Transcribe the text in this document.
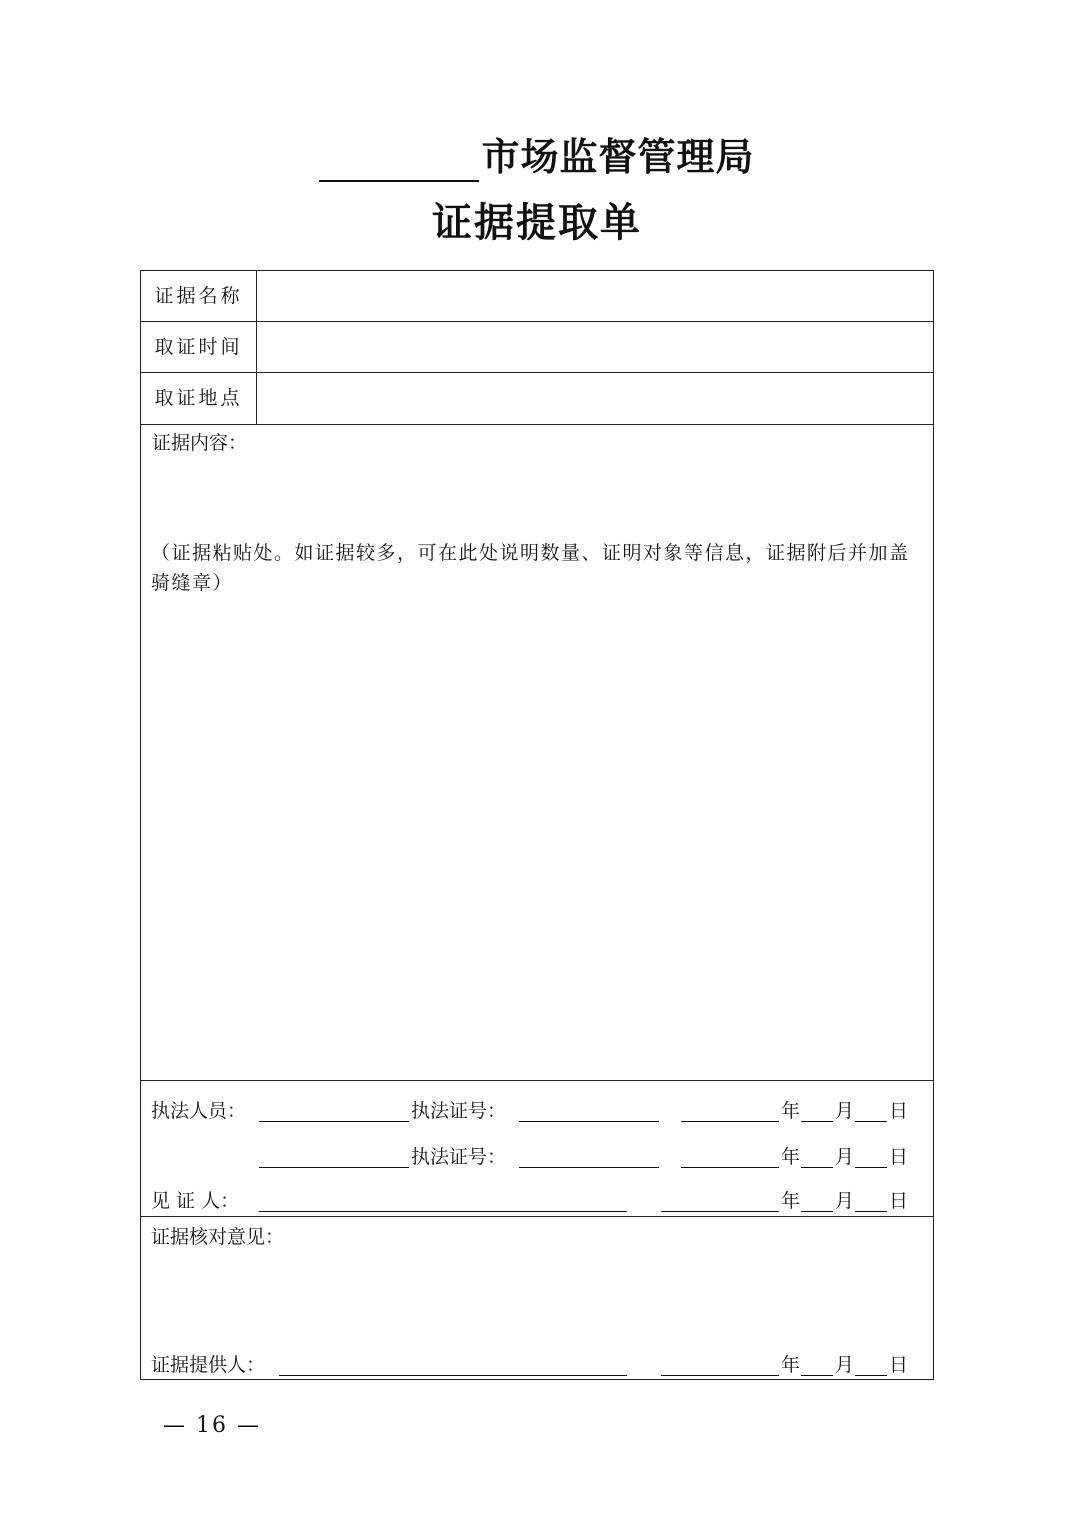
市场监督管理局
证据提取单
证据名称
取证时间
取证地点
证据内容：
（证据粘贴处。如证据较多，可在此处说明数量、证明对象等信息，证据附后并加盖骑缝章）
执法人员：	执法证号：	年 月 日
执法证号：	年 月 日
见 证 人：	年 月 日
证据核对意见：
证据提供人：	年 月 日
— 16 —
